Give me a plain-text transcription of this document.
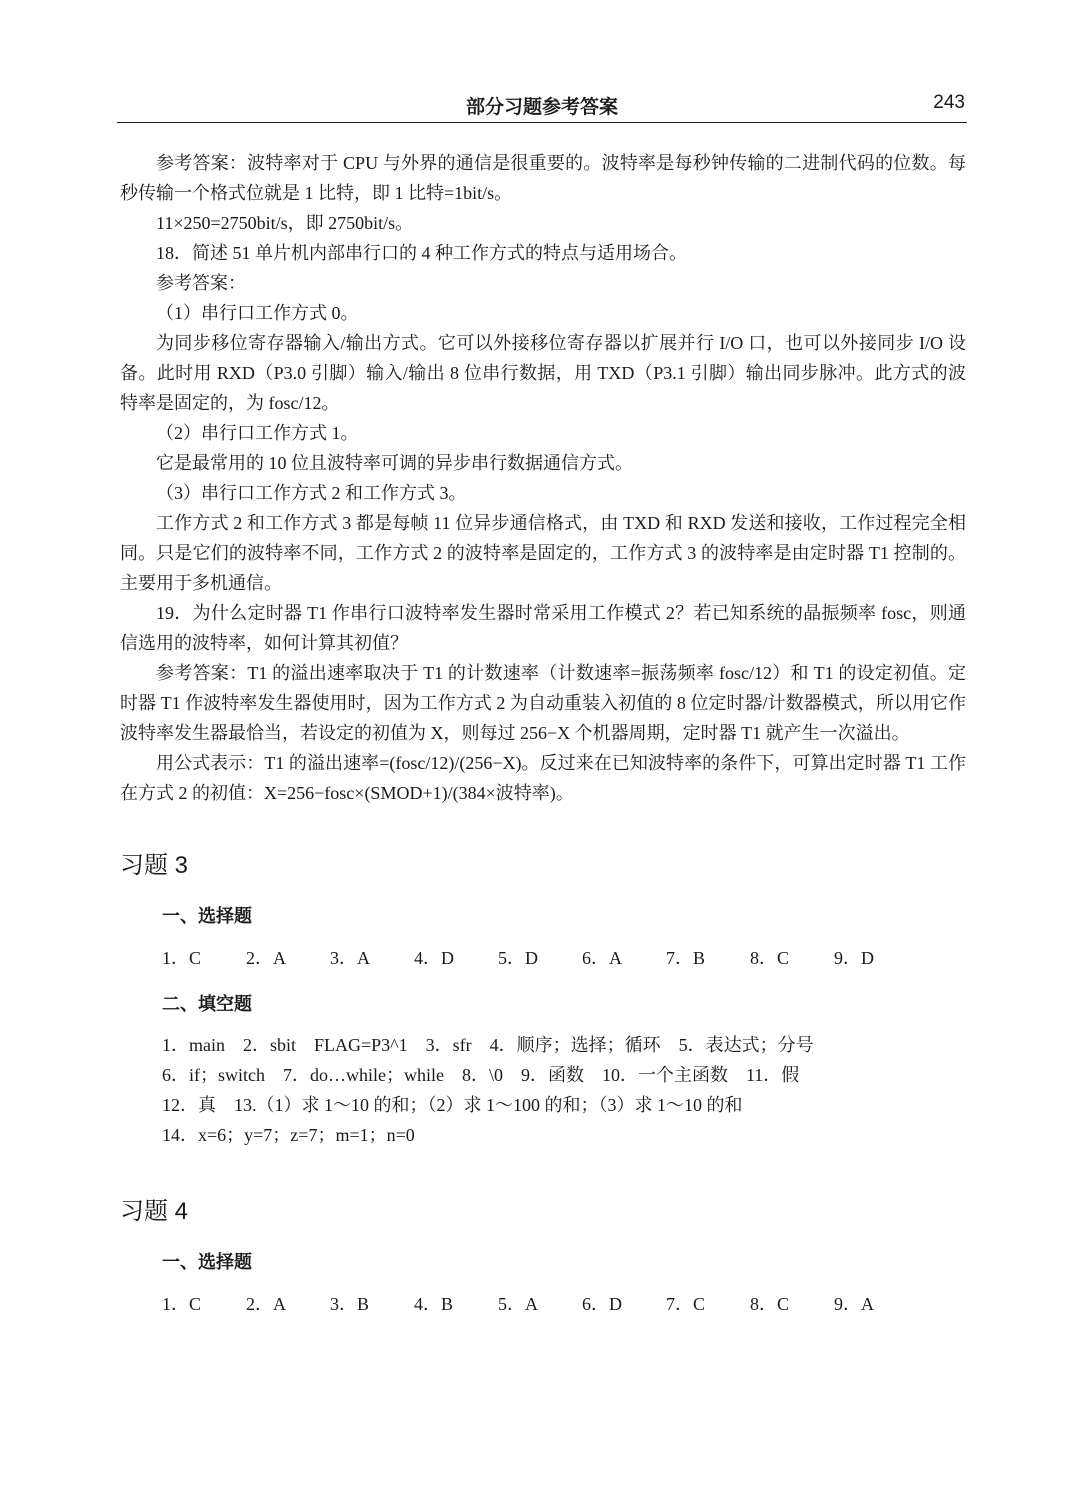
部分习题参考答案	243

参考答案：波特率对于 CPU 与外界的通信是很重要的。波特率是每秒钟传输的二进制代码的位数。每秒传输一个格式位就是 1 比特，即 1 比特=1bit/s。

11×250=2750bit/s，即 2750bit/s。

18．简述 51 单片机内部串行口的 4 种工作方式的特点与适用场合。

参考答案：

（1）串行口工作方式 0。

为同步移位寄存器输入/输出方式。它可以外接移位寄存器以扩展并行 I/O 口，也可以外接同步 I/O 设备。此时用 RXD（P3.0 引脚）输入/输出 8 位串行数据，用 TXD（P3.1 引脚）输出同步脉冲。此方式的波特率是固定的，为 fosc/12。

（2）串行口工作方式 1。

它是最常用的 10 位且波特率可调的异步串行数据通信方式。

（3）串行口工作方式 2 和工作方式 3。

工作方式 2 和工作方式 3 都是每帧 11 位异步通信格式，由 TXD 和 RXD 发送和接收，工作过程完全相同。只是它们的波特率不同，工作方式 2 的波特率是固定的，工作方式 3 的波特率是由定时器 T1 控制的。主要用于多机通信。

19．为什么定时器 T1 作串行口波特率发生器时常采用工作模式 2？若已知系统的晶振频率 fosc，则通信选用的波特率，如何计算其初值？

参考答案：T1 的溢出速率取决于 T1 的计数速率（计数速率=振荡频率 fosc/12）和 T1 的设定初值。定时器 T1 作波特率发生器使用时，因为工作方式 2 为自动重装入初值的 8 位定时器/计数器模式，所以用它作波特率发生器最恰当，若设定的初值为 X，则每过 256−X 个机器周期，定时器 T1 就产生一次溢出。

用公式表示：T1 的溢出速率=(fosc/12)/(256−X)。反过来在已知波特率的条件下，可算出定时器 T1 工作在方式 2 的初值：X=256−fosc×(SMOD+1)/(384×波特率)。

习题 3
一、选择题
1．C 2．A 3．A 4．D 5．D 6．A 7．B 8．C 9．D
二、填空题
1．main　2．sbit　FLAG=P3^1　3．sfr　4．顺序；选择；循环　5．表达式；分号
6．if；switch　7．do…while；while　8．\0　9．函数　10．一个主函数　11．假
12．真　13.（1）求 1～10 的和；（2）求 1～100 的和；（3）求 1～10 的和
14．x=6；y=7；z=7；m=1；n=0
习题 4
一、选择题
1．C 2．A 3．B 4．B 5．A 6．D 7．C 8．C 9．A
